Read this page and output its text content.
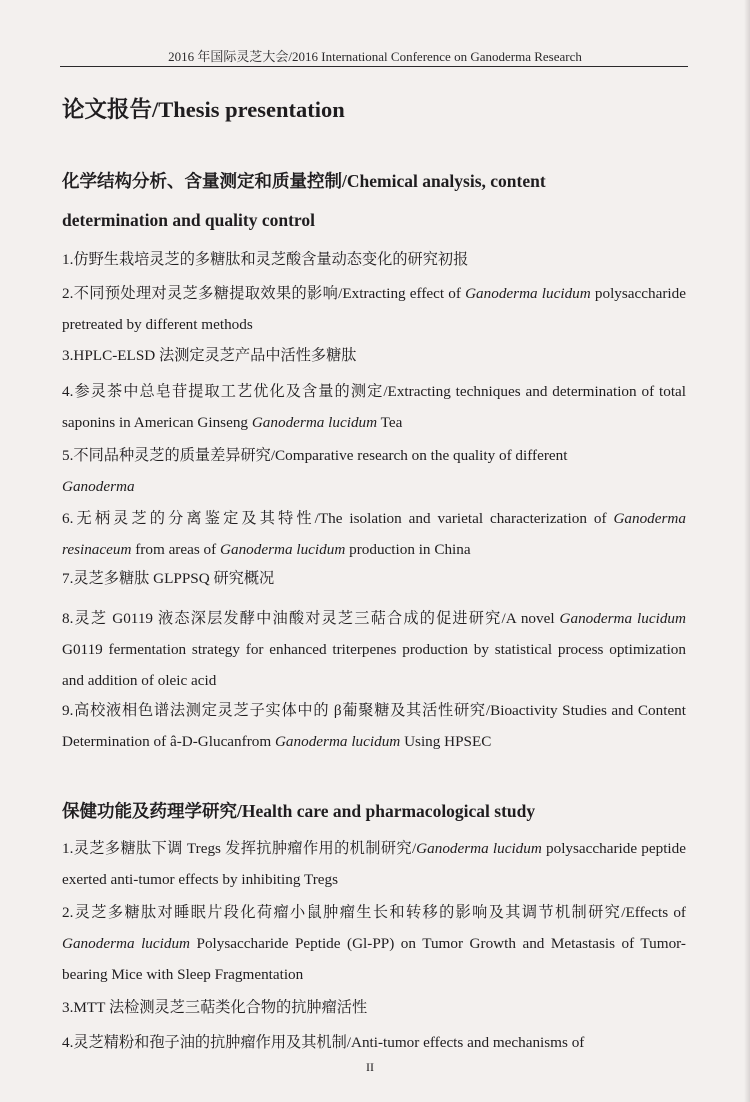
2016 年国际灵芝大会/2016 International Conference on Ganoderma Research
论文报告/Thesis presentation
化学结构分析、含量测定和质量控制/Chemical analysis, content
determination and quality control
1.仿野生栽培灵芝的多糖肽和灵芝酸含量动态变化的研究初报
2.不同预处理对灵芝多糖提取效果的影响/Extracting effect of Ganoderma lucidum polysaccharide pretreated by different methods
3.HPLC-ELSD 法测定灵芝产品中活性多糖肽
4.参灵茶中总皂苷提取工艺优化及含量的测定/Extracting techniques and determination of total saponins in American Ginseng Ganoderma lucidum Tea
5.不同品种灵芝的质量差异研究/Comparative research on the quality of different
Ganoderma
6.无柄灵芝的分离鉴定及其特性/The isolation and varietal characterization of Ganoderma resinaceum from areas of Ganoderma lucidum production in China
7.灵芝多糖肽 GLPPSQ 研究概况
8.灵芝 G0119 液态深层发酵中油酸对灵芝三萜合成的促进研究/A novel Ganoderma lucidum G0119 fermentation strategy for enhanced triterpenes production by statistical process optimization and addition of oleic acid
9.高校液相色谱法测定灵芝子实体中的 β葡聚糖及其活性研究/Bioactivity Studies and Content Determination of â-D-Glucanfrom Ganoderma lucidum Using HPSEC
保健功能及药理学研究/Health care and pharmacological study
1.灵芝多糖肽下调 Tregs 发挥抗肿瘤作用的机制研究/Ganoderma lucidum polysaccharide peptide exerted anti-tumor effects by inhibiting Tregs
2.灵芝多糖肽对睡眠片段化荷瘤小鼠肿瘤生长和转移的影响及其调节机制研究/Effects of Ganoderma lucidum Polysaccharide Peptide (Gl-PP) on Tumor Growth and Metastasis of Tumor-bearing Mice with Sleep Fragmentation
3.MTT 法检测灵芝三萜类化合物的抗肿瘤活性
4.灵芝精粉和孢子油的抗肿瘤作用及其机制/Anti-tumor effects and mechanisms of
II
